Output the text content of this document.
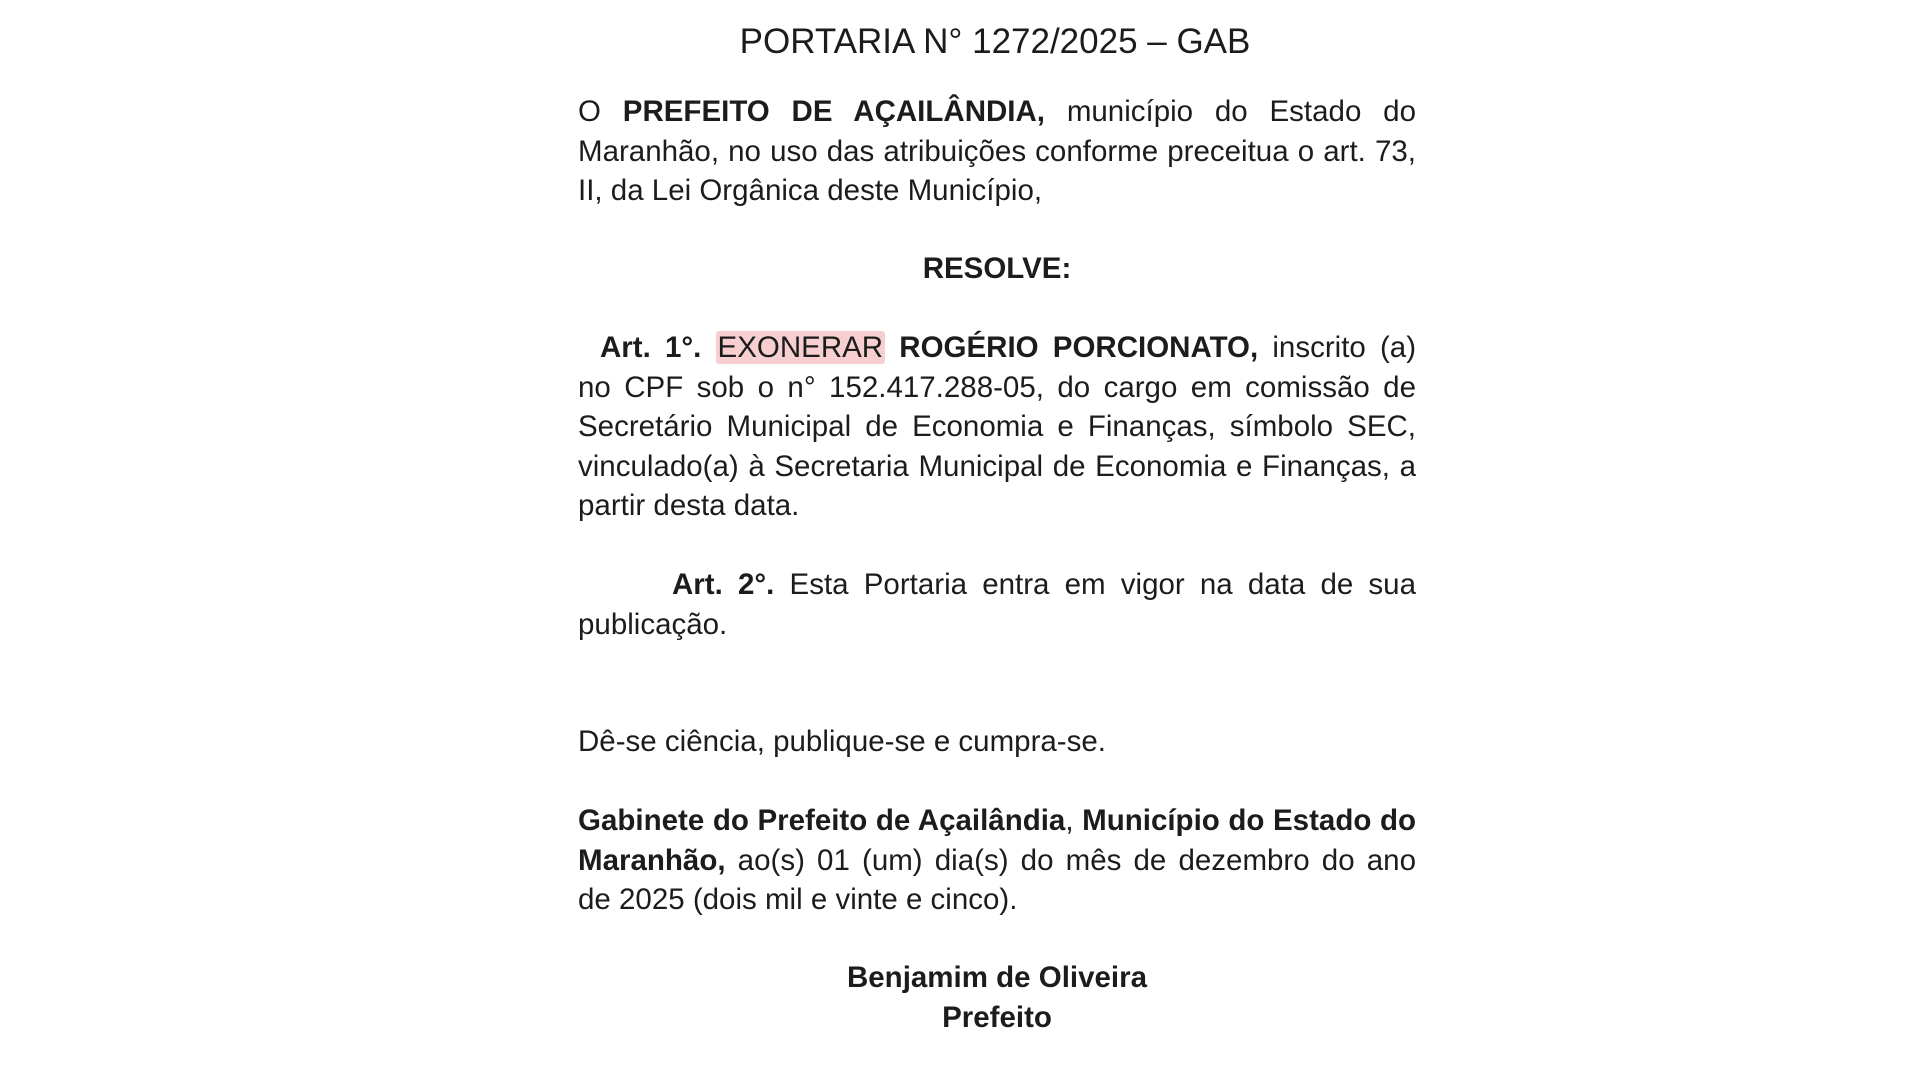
PORTARIA N° 1272/2025 – GAB

O PREFEITO DE AÇAILÂNDIA, município do Estado do Maranhão, no uso das atribuições conforme preceitua o art. 73, II, da Lei Orgânica deste Município,

RESOLVE:

Art. 1°. EXONERAR ROGÉRIO PORCIONATO, inscrito (a) no CPF sob o n° 152.417.288-05, do cargo em comissão de Secretário Municipal de Economia e Finanças, símbolo SEC, vinculado(a) à Secretaria Municipal de Economia e Finanças, a partir desta data.

Art. 2°. Esta Portaria entra em vigor na data de sua publicação.

Dê-se ciência, publique-se e cumpra-se.

Gabinete do Prefeito de Açailândia, Município do Estado do Maranhão, ao(s) 01 (um) dia(s) do mês de dezembro do ano de 2025 (dois mil e vinte e cinco).

Benjamim de Oliveira
Prefeito
